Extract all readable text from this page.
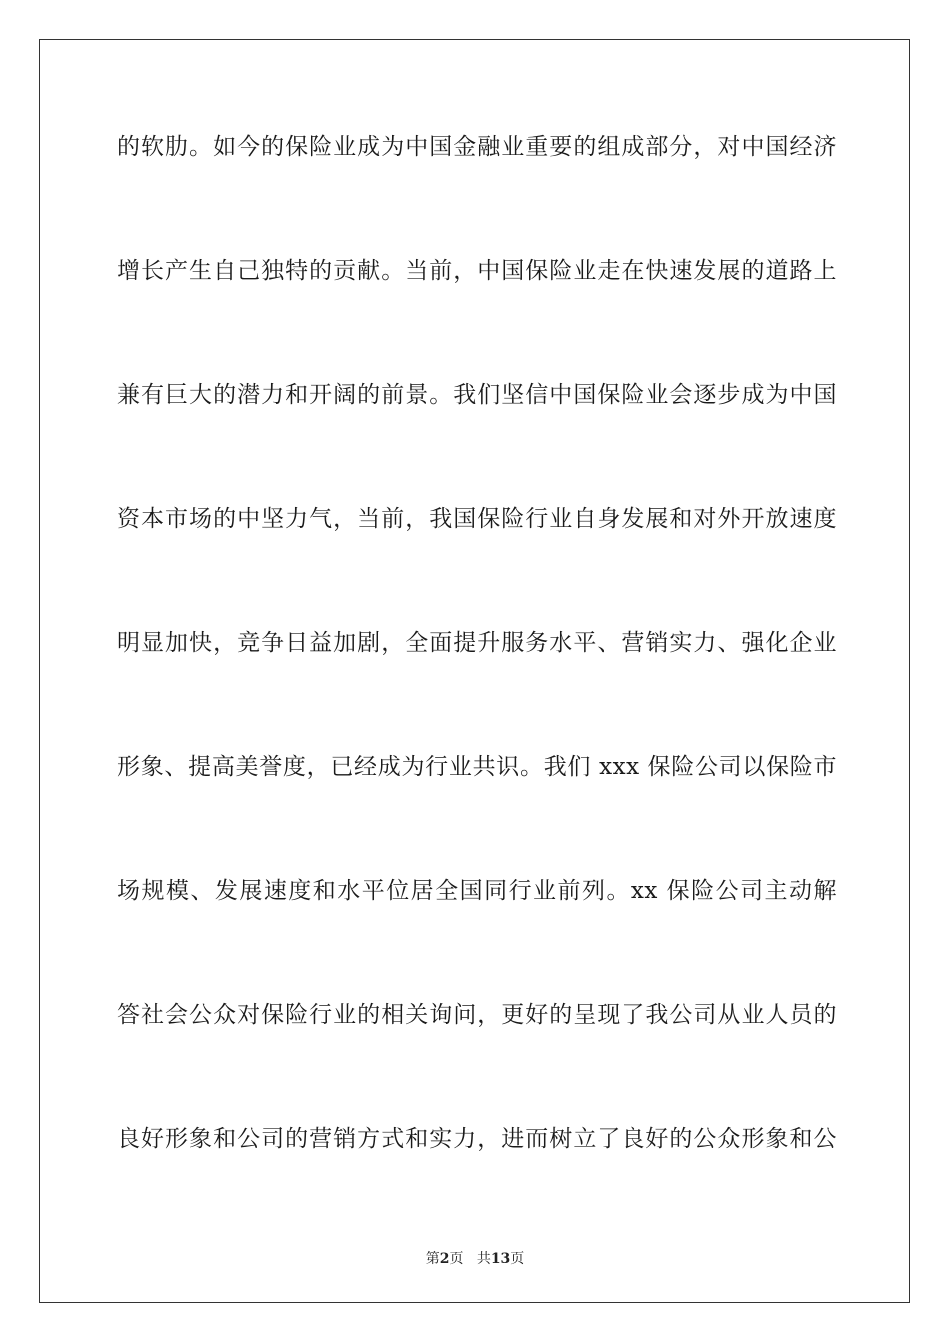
的软肋。如今的保险业成为中国金融业重要的组成部分，对中国经济
增长产生自己独特的贡献。当前，中国保险业走在快速发展的道路上
兼有巨大的潜力和开阔的前景。我们坚信中国保险业会逐步成为中国
资本市场的中坚力气，当前，我国保险行业自身发展和对外开放速度
明显加快，竞争日益加剧，全面提升服务水平、营销实力、强化企业
形象、提高美誉度，已经成为行业共识。我们 xxx 保险公司以保险市
场规模、发展速度和水平位居全国同行业前列。xx 保险公司主动解
答社会公众对保险行业的相关询问，更好的呈现了我公司从业人员的
良好形象和公司的营销方式和实力，进而树立了良好的公众形象和公
第2页 共13页
